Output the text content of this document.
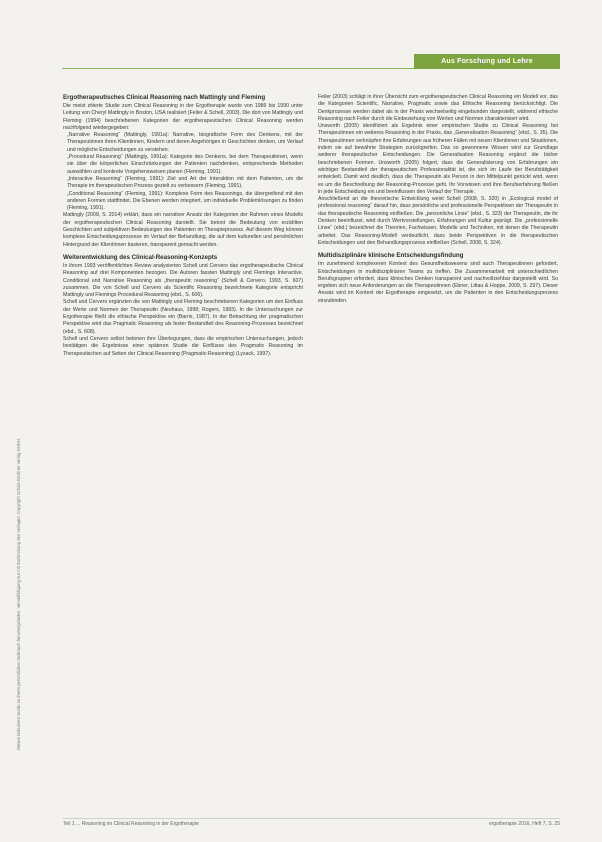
Aus Forschung und Lehre
Dieses Dokument wurde zu Ihrem persönlichen Gebrauch heruntergeladen. Vervielfältigung nur mit Zustimmung des Verlages. Copyright Schulz-Kirchner Verlag GmbH.

Ergotherapeutisches Clinical Reasoning nach Mattingly und Fleming

Die meist zitierte Studie zum Clinical Reasoning in der Ergotherapie wurde von 1986 bis 1990 unter Leitung von Cheryl Mattingly in Boston, USA realisiert (Feiler & Schell, 2003). Die dort von Mattingly und Fleming (1994) beschriebenen Kategorien der ergotherapeutischen Clinical Reasoning werden nachfolgend wiedergegeben:

„Narrative Reasoning“ (Mattingly, 1991a): Narrative, biografische Form des Denkens, mit der Therapeutinnen ihren Klientinnen, Kindern und deren Angehörigen in Geschichten denken, um Verlauf und mögliche Entscheidungen zu verstehen.

„Procedural Reasoning“ (Mattingly, 1991a): Kategorie des Denkens, bei dem Therapeutinnen, wenn sie über die körperlichen Einschränkungen der Patienten nachdenken, entsprechende Methoden auswählen und konkrete Vorgehensweisen planen (Fleming, 1991).

„Interactive Reasoning“ (Fleming, 1991): Ziel und Art der Interaktion mit dem Patienten, um die Therapie im therapeutischen Prozess gezielt zu verbessern (Fleming, 1991).

„Conditional Reasoning“ (Fleming, 1991): Komplexe Form des Reasonings, die übergreifend mit den anderen Formen stattfindet. Die Ebenen werden integriert, um individuelle Problemlösungen zu finden (Fleming, 1991).

Mattingly (2008, S. 2014) erklärt, dass ein narrativer Ansatz der Kategorien der Rahmen eines Modells der ergotherapeutischen Clinical Reasoning darstellt. Sie betont die Bedeutung von erzählten Geschichten und subjektiven Bedeutungen des Patienten im Therapieprozess. Auf diesem Weg können komplexe Entscheidungsprozesse im Verlauf der Behandlung, die auf dem kulturellen und persönlichen Hintergrund der Klientinnen basieren, transparent gemacht werden.

Weiterentwicklung des Clinical-Reasoning-Konzepts

In ihrem 1993 veröffentlichten Review analysierten Schell und Cervero das ergotherapeutische Clinical Reasoning auf drei Komponenten bezogen. Die Autoren fassten Mattingly und Flemings Interactive, Conditional und Narrative Reasoning als „therapeutic reasoning“ (Schell & Cervero, 1993, S. 607) zusammen. Die von Schell und Cervero als Scientific Reasoning bezeichnete Kategorie entspricht Mattingly und Flemings Procedural Reasoning (ebd., S. 606).

Schell und Cervero ergänzten die von Mattingly und Fleming beschriebenen Kategorien um den Einfluss der Werte und Normen der Therapeutin (Neuhaus, 1998; Rogers, 1983). In die Untersuchungen zur Ergotherapie fließt die ethische Perspektive ein (Barris, 1987). In der Betrachtung der pragmatischen Perspektive wird das Pragmatic Reasoning als fester Bestandteil des Reasoning-Prozesses bezeichnet (ebd., S. 608).

Schell und Cervero selbst betonen ihre Überlegungen, dass die empirischen Untersuchungen, jedoch bestätigen die Ergebnisse einer späteren Studie die Einflüsse des Pragmatic Reasoning im Therapeutischen auf Seiten der Clinical Reasoning (Pragmatic-Reasoning) (Lysack, 1997).

Feiler (2003) schlägt in ihrer Übersicht zum ergotherapeutischen Clinical Reasoning ein Modell vor, das die Kategorien Scientific, Narrative, Pragmatic sowie das Ethische Reasoning berücksichtigt. Die Denkprozesse werden dabei als in der Praxis wechselseitig eingebunden dargestellt, während ethische Reasoning nach Feiler durch die Einbeziehung von Werten und Normen charakterisiert wird.

Unsworth (2005) identifiziert als Ergebnis einer empirischen Studie zu Clinical Reasoning bei Therapeutinnen ein weiteres Reasoning in der Praxis, das „Generalisation Reasoning“ (ebd., S. 35). Die Therapeutinnen verknüpfen ihre Erfahrungen aus früheren Fällen mit neuen Klientinnen und Situationen, indem sie auf bewährte Strategien zurückgreifen. Das so gewonnene Wissen wird zur Grundlage weiterer therapeutischer Entscheidungen. Die Generalisation Reasoning ergänzt die bisher beschriebenen Formen. Unsworth (2005) folgert, dass die Generalisierung von Erfahrungen ein wichtiger Bestandteil der therapeutischen Professionalität ist, die sich im Laufe der Berufstätigkeit entwickelt. Damit wird deutlich, dass die Therapeutin als Person in den Mittelpunkt gerückt wird, wenn es um die Beschreibung der Reasoning-Prozesse geht. Ihr Vorwissen und ihre Berufserfahrung fließen in jede Entscheidung ein und beeinflussen den Verlauf der Therapie.

Anschließend an die theoretische Entwicklung weist Schell (2008, S. 320) in „Ecological model of professional reasoning“ darauf hin, dass persönliche und professionelle Perspektiven der Therapeutin in das therapeutische Reasoning einfließen. Die „personliche Linse“ (ebd., S. 323) der Therapeutin, die ihr Denken beeinflusst, wird durch Wertvorstellungen, Erfahrungen und Kultur geprägt. Die „professionelle Linse“ (ebd.) bezeichnet die Theorien, Fachwissen, Modelle und Techniken, mit denen die Therapeutin arbeitet. Das Reasoning-Modell verdeutlicht, dass beide Perspektiven in die therapeutischen Entscheidungen und den Behandlungsprozess einfließen (Schell, 2008, S. 324).

Multidisziplinäre klinische Entscheidungsfindung

Im zunehmend komplexeren Kontext des Gesundheitswesens sind auch Therapeutinnen gefordert, Entscheidungen in multidisziplinären Teams zu treffen. Die Zusammenarbeit mit unterschiedlichen Berufsgruppen erfordert, dass klinisches Denken transparent und nachvollziehbar dargestellt wird. So ergeben sich neue Anforderungen an die Therapeutinnen (Ebner, Littau & Hoppe, 2009, S. 297). Dieser Ansatz wird im Kontext der Ergotherapie eingesetzt, um die Patienten in den Entscheidungsprozess einzubinden.

Teil 1 ... Reasoning im Clinical Reasoning in der Ergotherapie	ergotherapie 2016, Heft 7, S. 25
